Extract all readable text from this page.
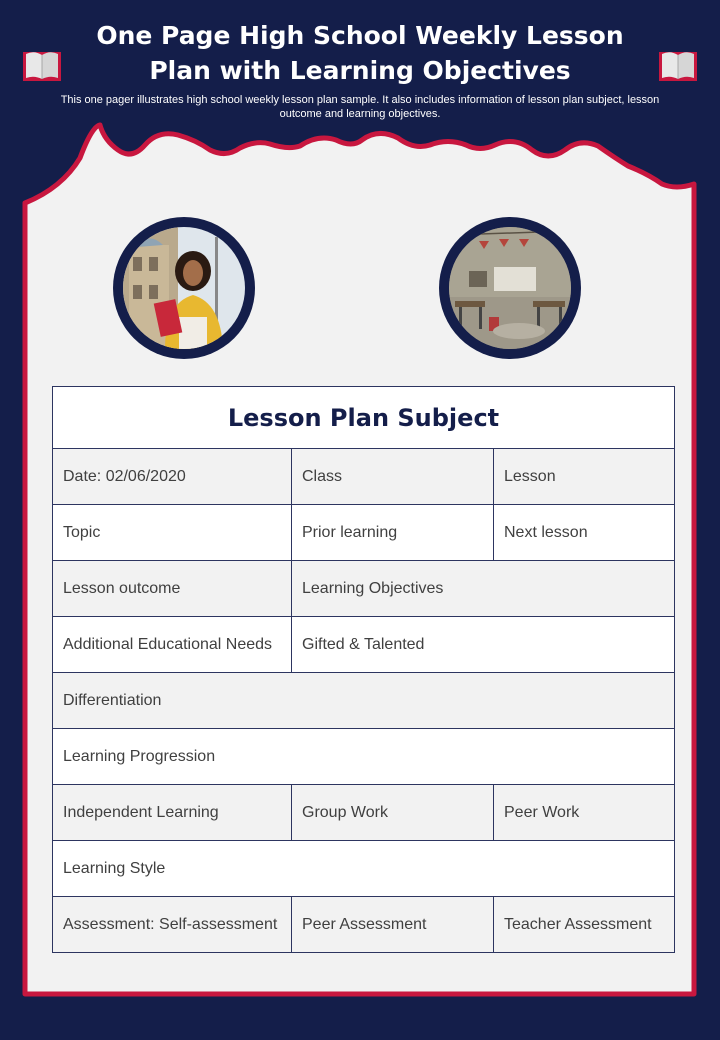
One Page High School Weekly Lesson
Plan with Learning Objectives

This one pager illustrates high school weekly lesson plan sample. It also includes information of lesson plan subject, lesson
outcome and learning objectives.

Lesson Plan Subject		
Date: 02/06/2020	Class	Lesson
Topic	Prior learning	Next lesson
Lesson outcome	Learning Objectives	
Additional Educational Needs	Gifted & Talented	
Differentiation		
Learning Progression		
Independent Learning	Group Work	Peer Work
Learning Style		
Assessment: Self-assessment	Peer Assessment	Teacher Assessment
